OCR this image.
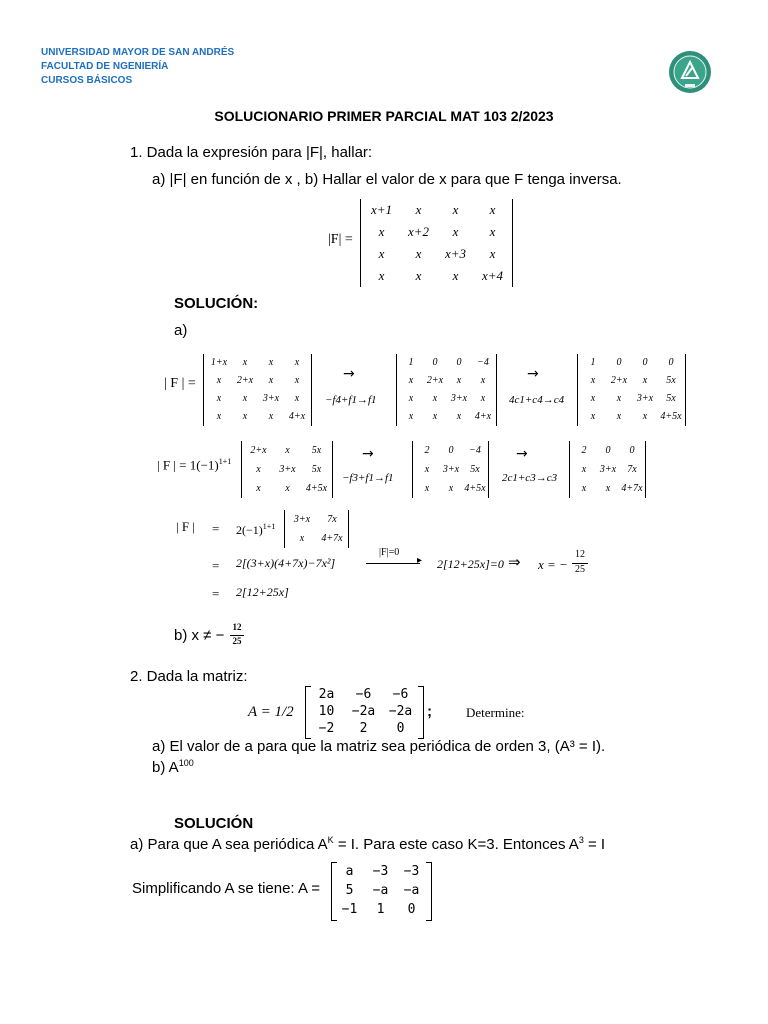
UNIVERSIDAD MAYOR DE SAN ANDRÉS
FACULTAD DE NGENIERÍA
CURSOS BÁSICOS
SOLUCIONARIO PRIMER PARCIAL MAT 103 2/2023
1. Dada la expresión para |F|, hallar:
a) |F| en función de x , b) Hallar el valor de x para que F tenga inversa.
|F| =
x+1	x	x	x
x	x+2	x	x
x	x	x+3	x
x	x	x	x+4
SOLUCIÓN:
a)
| F | =
1+x	x	x	x
x	2+x	x	x
x	x	3+x	x
x	x	x	4+x
→
−f4+f1→f1
1	0	0	−4
x	2+x	x	x
x	x	3+x	x
x	x	x	4+x
→
4c1+c4→c4
1	0	0	0
x	2+x	x	5x
x	x	3+x	5x
x	x	x	4+5x
| F | = $1(-1)^{1+1}$
2+x	x	5x
x	3+x	5x
x	x	4+5x
→
−f3+f1→f1
2	0	−4
x	3+x	5x
x	x	4+5x
→
2c1+c3→c3
2	0	0
x	3+x	7x
x	x	4+7x
| F | = $2(-1)^{1+1}$
3+x	7x
x	4+7x
= 2[(3+x)(4+7x)−7x²]
|F|=0
▸ 2[12+25x]=0 ⇒ x = −
12
25
= 2[12+25x]
b) x ≠ − 12
25
2. Dada la matriz:
A = 1/2
2a	−6	−6
10	−2a	−2a
−2	2	0
;	Determine:
a) El valor de a para que la matriz sea periódica de orden 3, (A³ = I).
b) $A^{100}$
SOLUCIÓN
a) Para que A sea periódica $A^K = I$. Para este caso K=3. Entonces $A^3 = I$
Simplificando A se tiene: A =
a	−3	−3
5	−a	−a
−1	1	0
